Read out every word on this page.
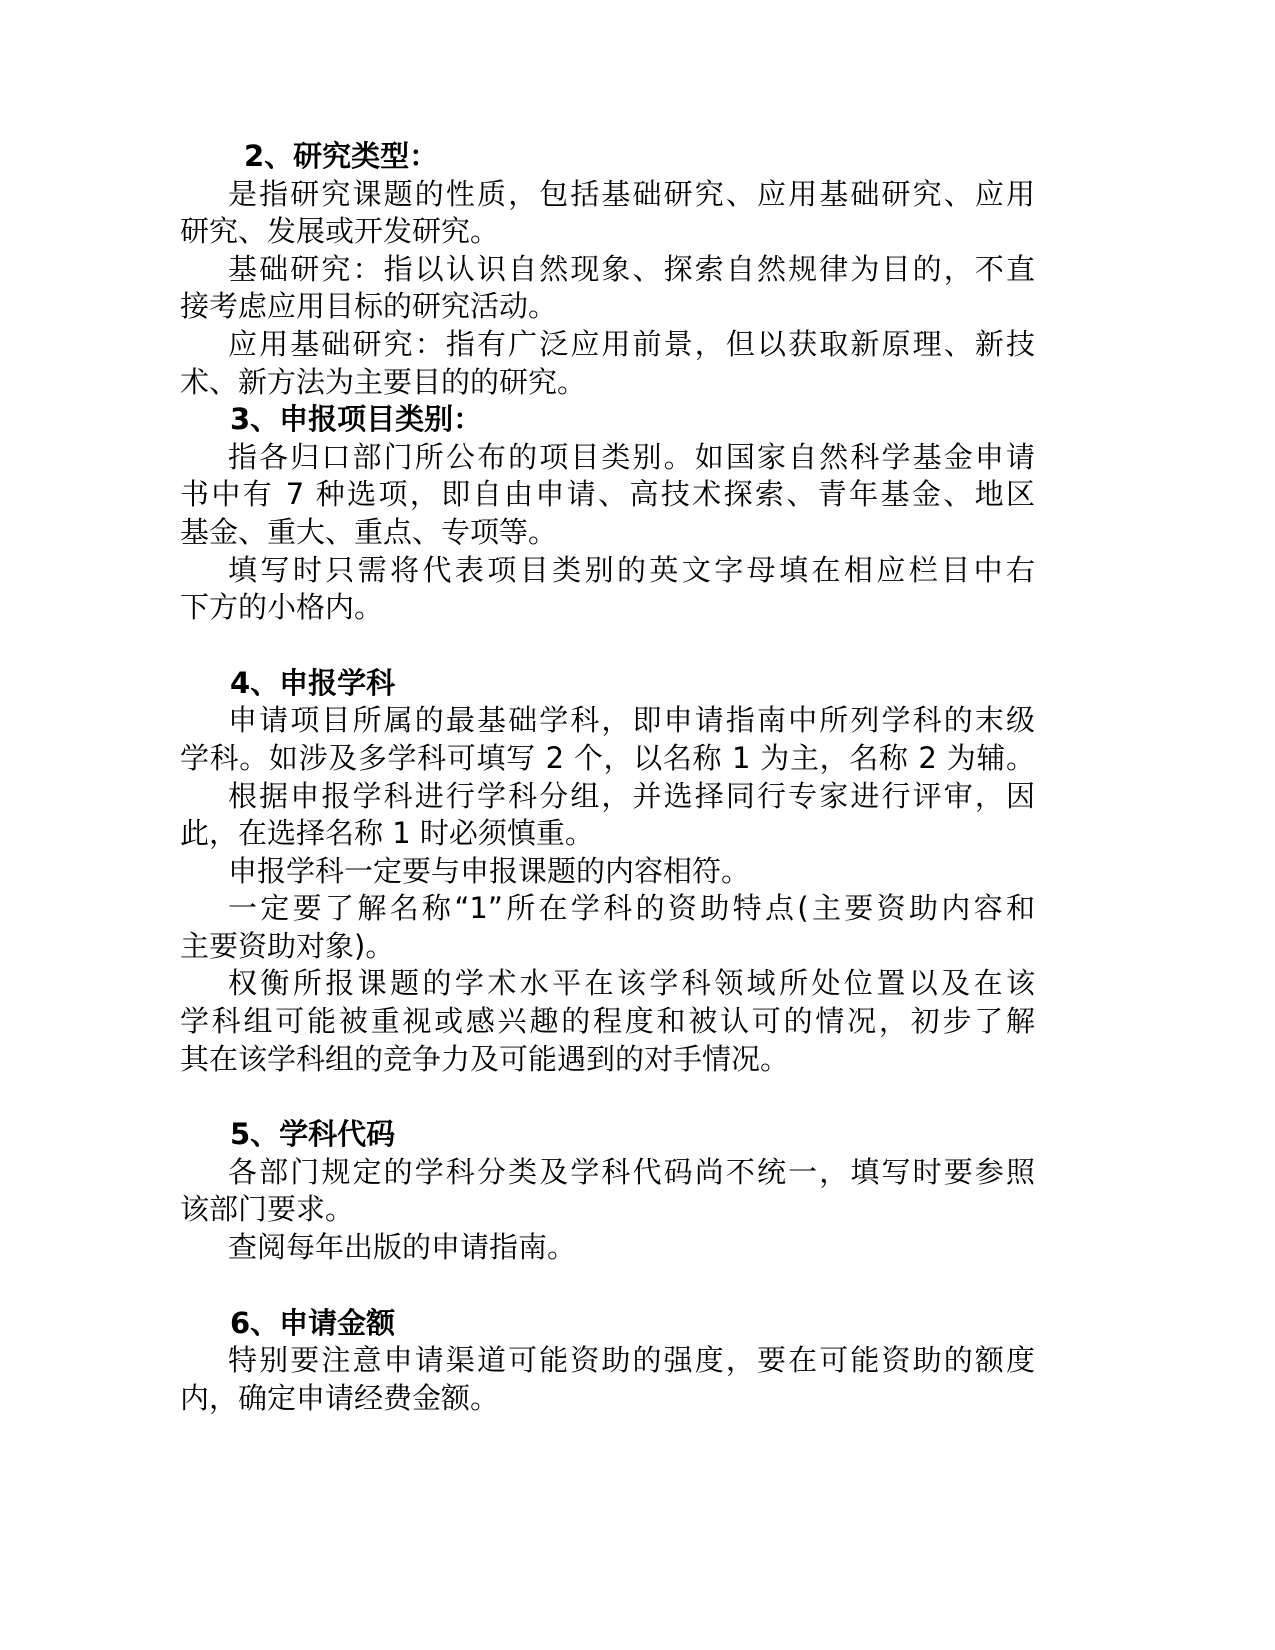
2、研究类型：
是指研究课题的性质，包括基础研究、应用基础研究、应用
研究、发展或开发研究。
基础研究：指以认识自然现象、探索自然规律为目的，不直
接考虑应用目标的研究活动。
应用基础研究：指有广泛应用前景，但以获取新原理、新技
术、新方法为主要目的的研究。
3、申报项目类别：
指各归口部门所公布的项目类别。如国家自然科学基金申请
书中有 7 种选项，即自由申请、高技术探索、青年基金、地区
基金、重大、重点、专项等。
填写时只需将代表项目类别的英文字母填在相应栏目中右
下方的小格内。
4、申报学科
申请项目所属的最基础学科，即申请指南中所列学科的末级
学科。如涉及多学科可填写 2 个，以名称 1 为主，名称 2 为辅。
根据申报学科进行学科分组，并选择同行专家进行评审，因
此，在选择名称 1 时必须慎重。
申报学科一定要与申报课题的内容相符。
一定要了解名称“1”所在学科的资助特点(主要资助内容和
主要资助对象)。
权衡所报课题的学术水平在该学科领域所处位置以及在该
学科组可能被重视或感兴趣的程度和被认可的情况，初步了解
其在该学科组的竞争力及可能遇到的对手情况。
5、学科代码
各部门规定的学科分类及学科代码尚不统一，填写时要参照
该部门要求。
查阅每年出版的申请指南。
6、申请金额
特别要注意申请渠道可能资助的强度，要在可能资助的额度
内，确定申请经费金额。
